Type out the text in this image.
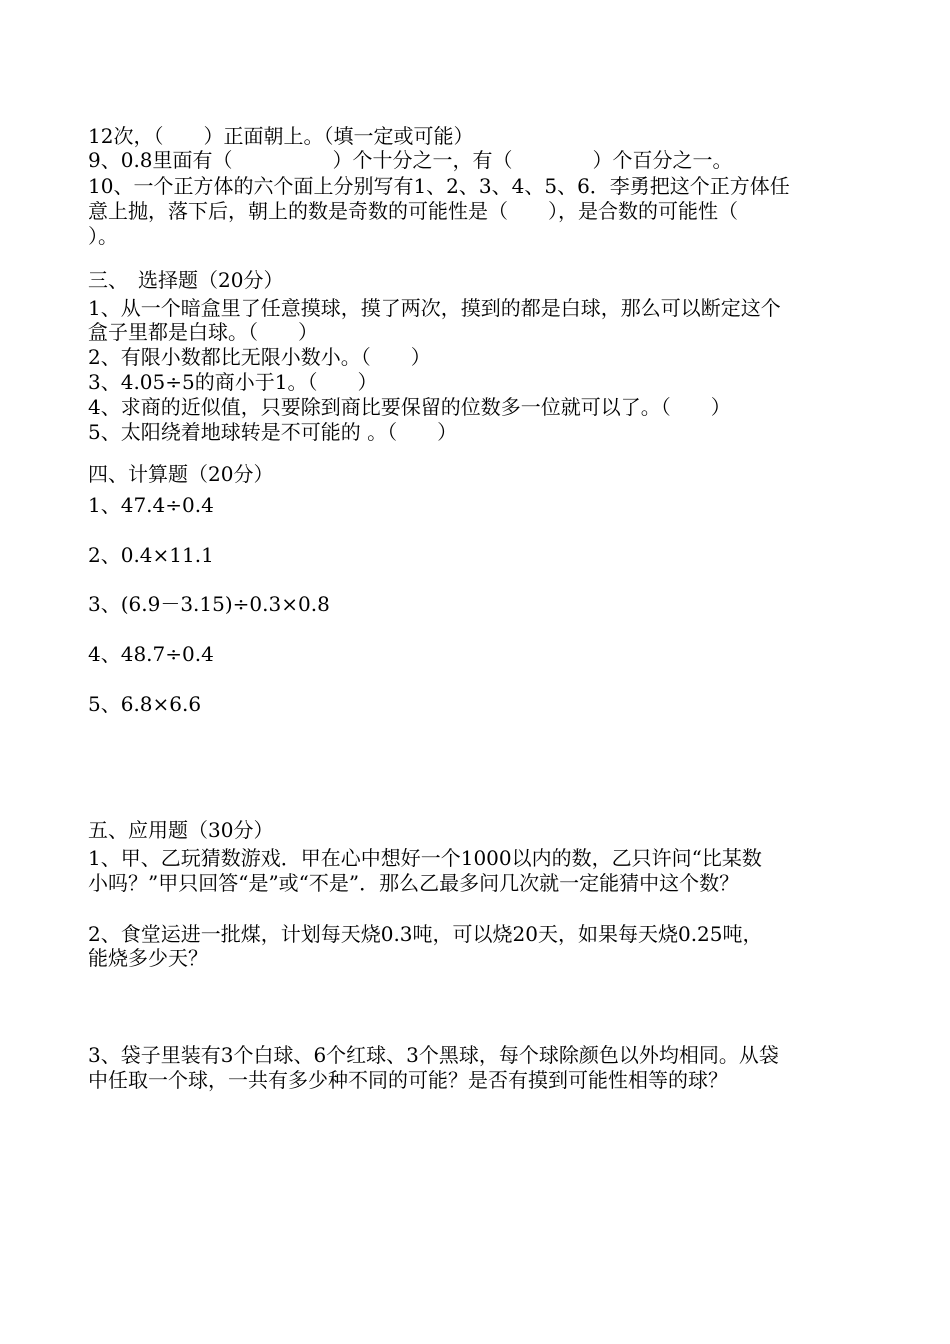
12次，（　　）正面朝上。（填一定或可能）

9、0.8里面有（　　　　　）个十分之一，有（　　　　）个百分之一。

10、一个正方体的六个面上分别写有1、2、3、4、5、6．李勇把这个正方体任

意上抛，落下后，朝上的数是奇数的可能性是（　　），是合数的可能性（

）。

三、　选择题（20分）

1、从一个暗盒里了任意摸球，摸了两次，摸到的都是白球，那么可以断定这个

盒子里都是白球。（　　）

2、有限小数都比无限小数小。（　　）

3、4.05÷5的商小于1。（　　）

4、求商的近似值，只要除到商比要保留的位数多一位就可以了。（　　）

5、太阳绕着地球转是不可能的 。（　　）

四、计算题（20分）

1、47.4÷0.4

2、0.4×11.1

3、(6.9－3.15)÷0.3×0.8

4、48.7÷0.4

5、6.8×6.6

五、应用题（30分）

1、甲、乙玩猜数游戏．甲在心中想好一个1000以内的数，乙只许问“比某数

小吗？”甲只回答“是”或“不是”．那么乙最多问几次就一定能猜中这个数？

2、食堂运进一批煤，计划每天烧0.3吨，可以烧20天，如果每天烧0.25吨，

能烧多少天？

3、袋子里装有3个白球、6个红球、3个黑球，每个球除颜色以外均相同。从袋

中任取一个球，一共有多少种不同的可能？是否有摸到可能性相等的球？
